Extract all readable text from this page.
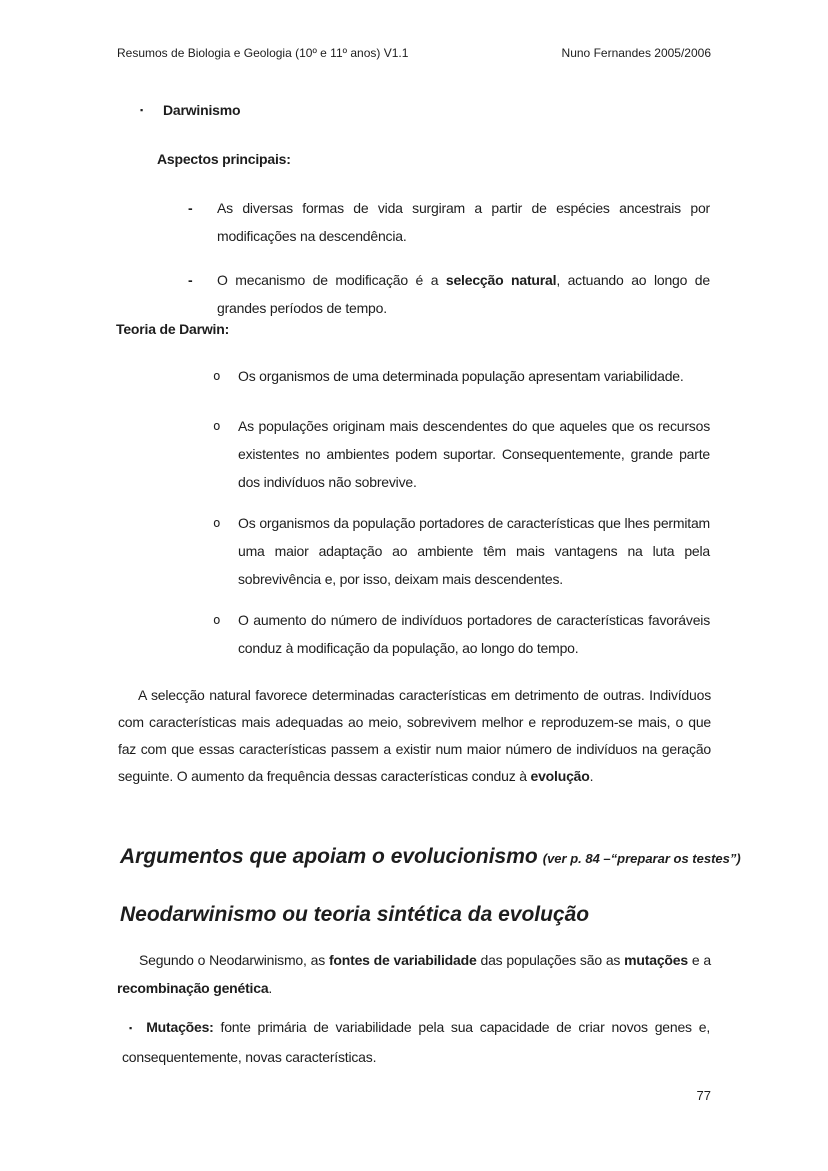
Resumos de Biologia e Geologia (10º e 11º anos) V1.1	Nuno Fernandes 2005/2006
▪	Darwinismo
Aspectos principais:
-	As diversas formas de vida surgiram a partir de espécies ancestrais por modificações na descendência.
-	O mecanismo de modificação é a selecção natural, actuando ao longo de grandes períodos de tempo.
Teoria de Darwin:
o	Os organismos de uma determinada população apresentam variabilidade.
o	As populações originam mais descendentes do que aqueles que os recursos existentes no ambientes podem suportar. Consequentemente, grande parte dos indivíduos não sobrevive.
o	Os organismos da população portadores de características que lhes permitam uma maior adaptação ao ambiente têm mais vantagens na luta pela sobrevivência e, por isso, deixam mais descendentes.
o	O aumento do número de indivíduos portadores de características favoráveis conduz à modificação da população, ao longo do tempo.
A selecção natural favorece determinadas características em detrimento de outras. Indivíduos com características mais adequadas ao meio, sobrevivem melhor e reproduzem-se mais, o que faz com que essas características passem a existir num maior número de indivíduos na geração seguinte. O aumento da frequência dessas características conduz à evolução.
Argumentos que apoiam o evolucionismo (ver p. 84 –“preparar os testes”)
Neodarwinismo ou teoria sintética da evolução
Segundo o Neodarwinismo, as fontes de variabilidade das populações são as mutações e a recombinação genética.
▪ Mutações: fonte primária de variabilidade pela sua capacidade de criar novos genes e, consequentemente, novas características.
77
